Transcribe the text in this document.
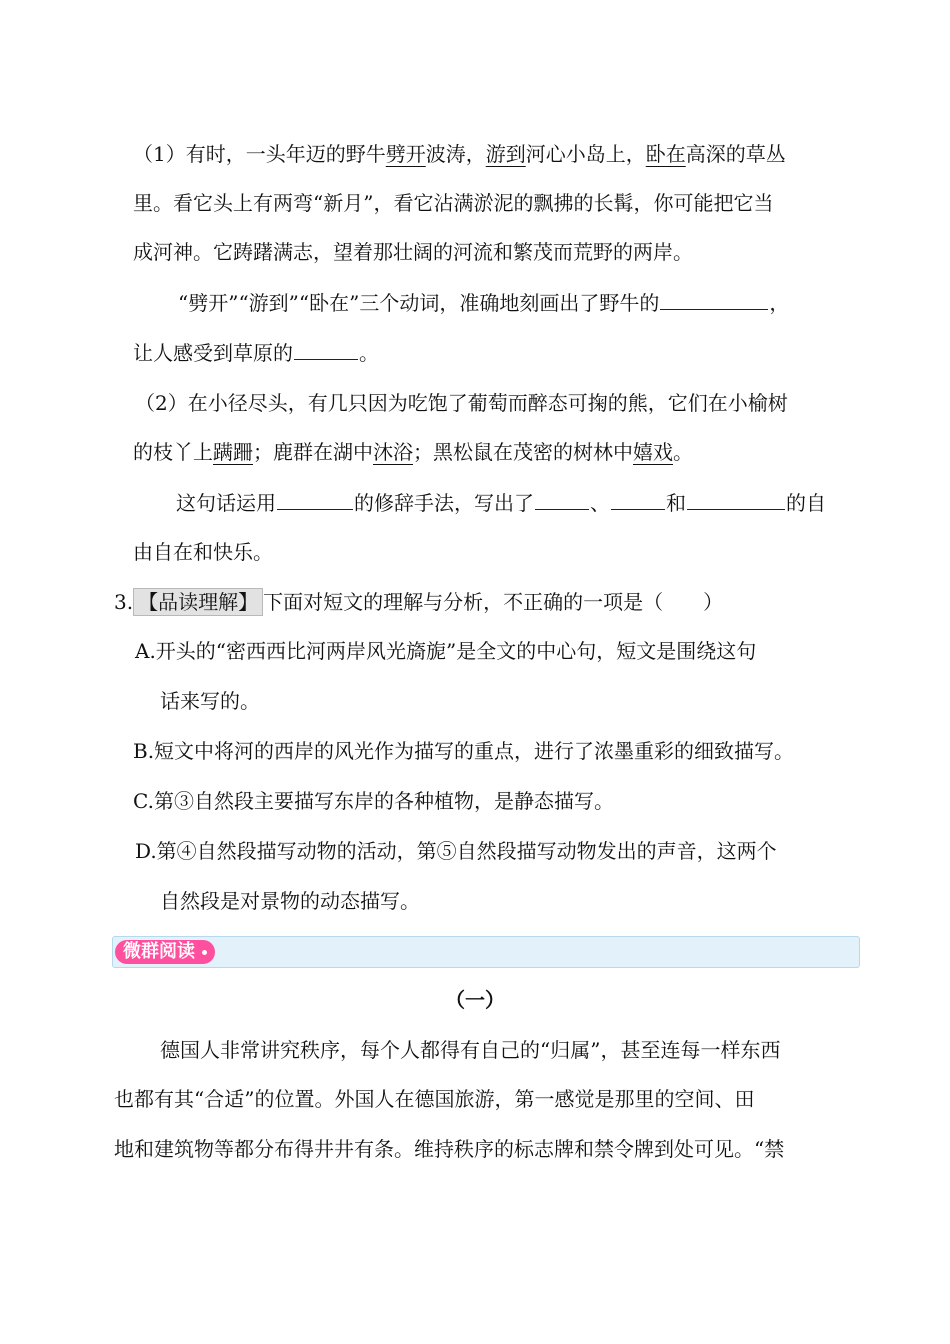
（1）有时，一头年迈的野牛劈开波涛，游到河心小岛上，卧在高深的草丛
里。看它头上有两弯“新月”，看它沾满淤泥的飘拂的长髯，你可能把它当
成河神。它踌躇满志，望着那壮阔的河流和繁茂而荒野的两岸。
“劈开”“游到”“卧在”三个动词，准确地刻画出了野牛的	，
让人感受到草原的	。
（2）在小径尽头，有几只因为吃饱了葡萄而醉态可掬的熊，它们在小榆树
的枝丫上蹒跚；鹿群在湖中沐浴；黑松鼠在茂密的树林中嬉戏。
这句话运用	的修辞手法，写出了	、	和	的自
由自在和快乐。
3. 【品读理解】 下面对短文的理解与分析，不正确的一项是（　　）
A.开头的“密西西比河两岸风光旖旎”是全文的中心句，短文是围绕这句
话来写的。
B.短文中将河的西岸的风光作为描写的重点，进行了浓墨重彩的细致描写。
C.第③自然段主要描写东岸的各种植物，是静态描写。
D.第④自然段描写动物的活动，第⑤自然段描写动物发出的声音，这两个
自然段是对景物的动态描写。
微群阅读
（一）
德国人非常讲究秩序，每个人都得有自己的“归属”，甚至连每一样东西
也都有其“合适”的位置。外国人在德国旅游，第一感觉是那里的空间、田
地和建筑物等都分布得井井有条。维持秩序的标志牌和禁令牌到处可见。“禁
